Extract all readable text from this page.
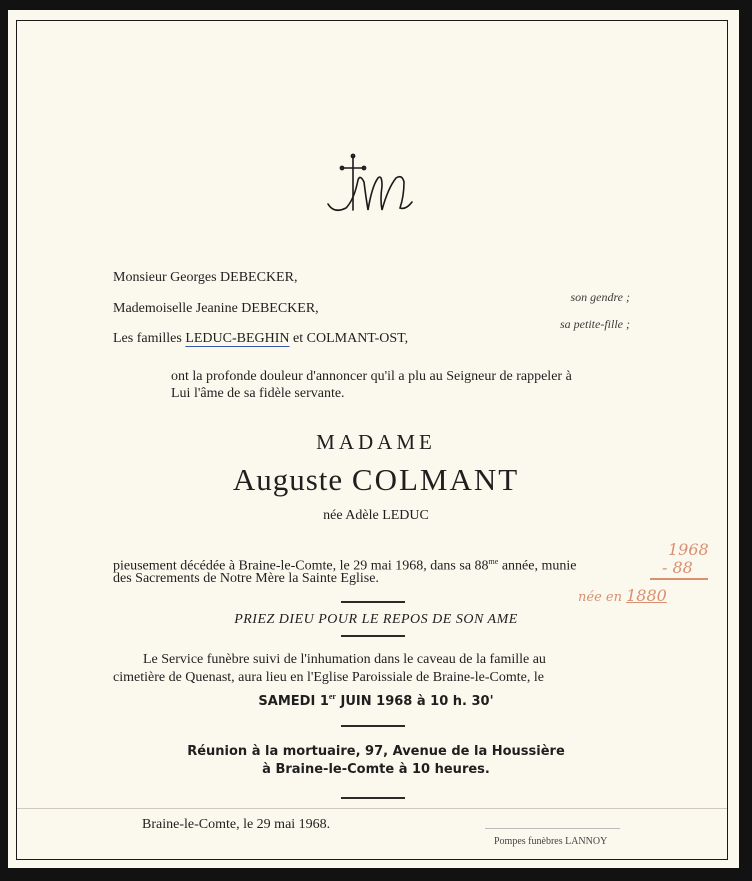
Monsieur Georges DEBECKER,
Mademoiselle Jeanine DEBECKER,
Les familles LEDUC-BEGHIN et COLMANT-OST,
son gendre ;
sa petite-fille ;
ont la profonde douleur d'annoncer qu'il a plu au Seigneur de rappeler à
Lui l'âme de sa fidèle servante.
MADAME
Auguste COLMANT
née Adèle LEDUC
pieusement décédée à Braine-le-Comte, le 29 mai 1968, dans sa $88^{me}$ année, munie
des Sacrements de Notre Mère la Sainte Eglise.
PRIEZ DIEU POUR LE REPOS DE SON AME
Le Service funèbre suivi de l'inhumation dans le caveau de la famille au
cimetière de Quenast, aura lieu en l'Eglise Paroissiale de Braine-le-Comte, le
SAMEDI 1er JUIN 1968 à 10 h. 30'
Réunion à la mortuaire, 97, Avenue de la Houssière
à Braine-le-Comte à 10 heures.
Braine-le-Comte, le 29 mai 1968.
Pompes funèbres LANNOY
1968
- 88
née en 1880
